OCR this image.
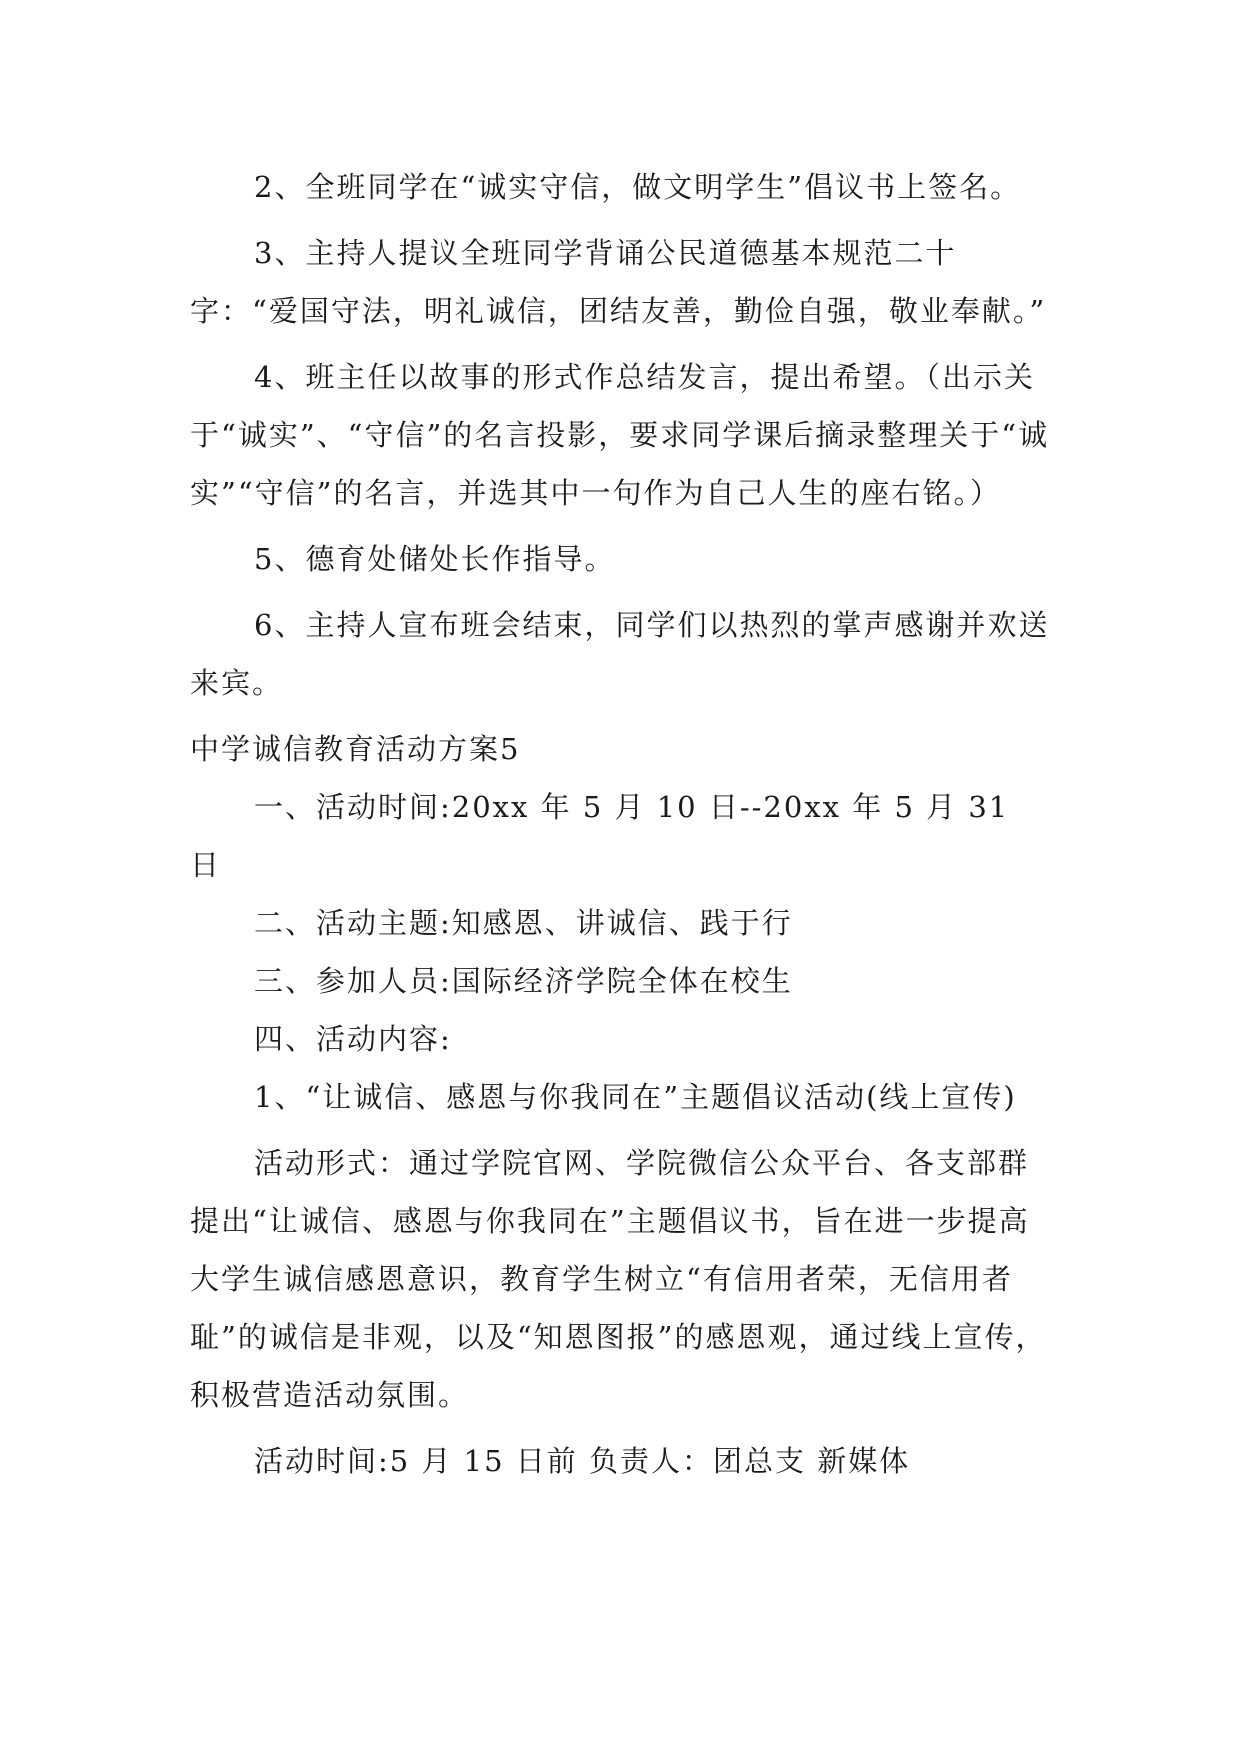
2、全班同学在“诚实守信，做文明学生”倡议书上签名。

3、主持人提议全班同学背诵公民道德基本规范二十字：“爱国守法，明礼诚信，团结友善，勤俭自强，敬业奉献。”

4、班主任以故事的形式作总结发言，提出希望。（出示关于“诚实”、“守信”的名言投影，要求同学课后摘录整理关于“诚实”“守信”的名言，并选其中一句作为自己人生的座右铭。）

5、德育处储处长作指导。

6、主持人宣布班会结束，同学们以热烈的掌声感谢并欢送来宾。

中学诚信教育活动方案5

一、活动时间:20xx 年 5 月 10 日--20xx 年 5 月 31 日

二、活动主题:知感恩、讲诚信、践于行

三、参加人员:国际经济学院全体在校生

四、活动内容:

1、“让诚信、感恩与你我同在”主题倡议活动(线上宣传)

活动形式：通过学院官网、学院微信公众平台、各支部群提出“让诚信、感恩与你我同在”主题倡议书，旨在进一步提高大学生诚信感恩意识，教育学生树立“有信用者荣，无信用者耻”的诚信是非观，以及“知恩图报”的感恩观，通过线上宣传，积极营造活动氛围。

活动时间:5 月 15 日前 负责人：团总支 新媒体
